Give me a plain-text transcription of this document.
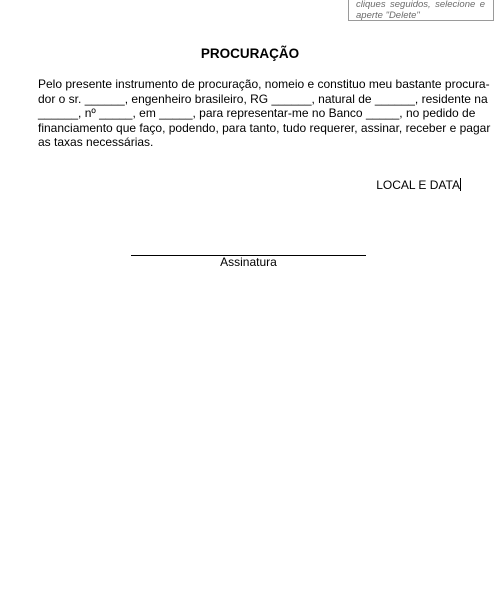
cliques seguidos, selecione e
aperte "Delete"
PROCURAÇÃO
Pelo presente instrumento de procuração, nomeio e constituo meu bastante procura-
dor o sr. ______, engenheiro brasileiro, RG ______, natural de ______, residente na
______, nº _____, em _____, para representar-me no Banco _____, no pedido de
financiamento que faço, podendo, para tanto, tudo requerer, assinar, receber e pagar
as taxas necessárias.
LOCAL E DATA
Assinatura
